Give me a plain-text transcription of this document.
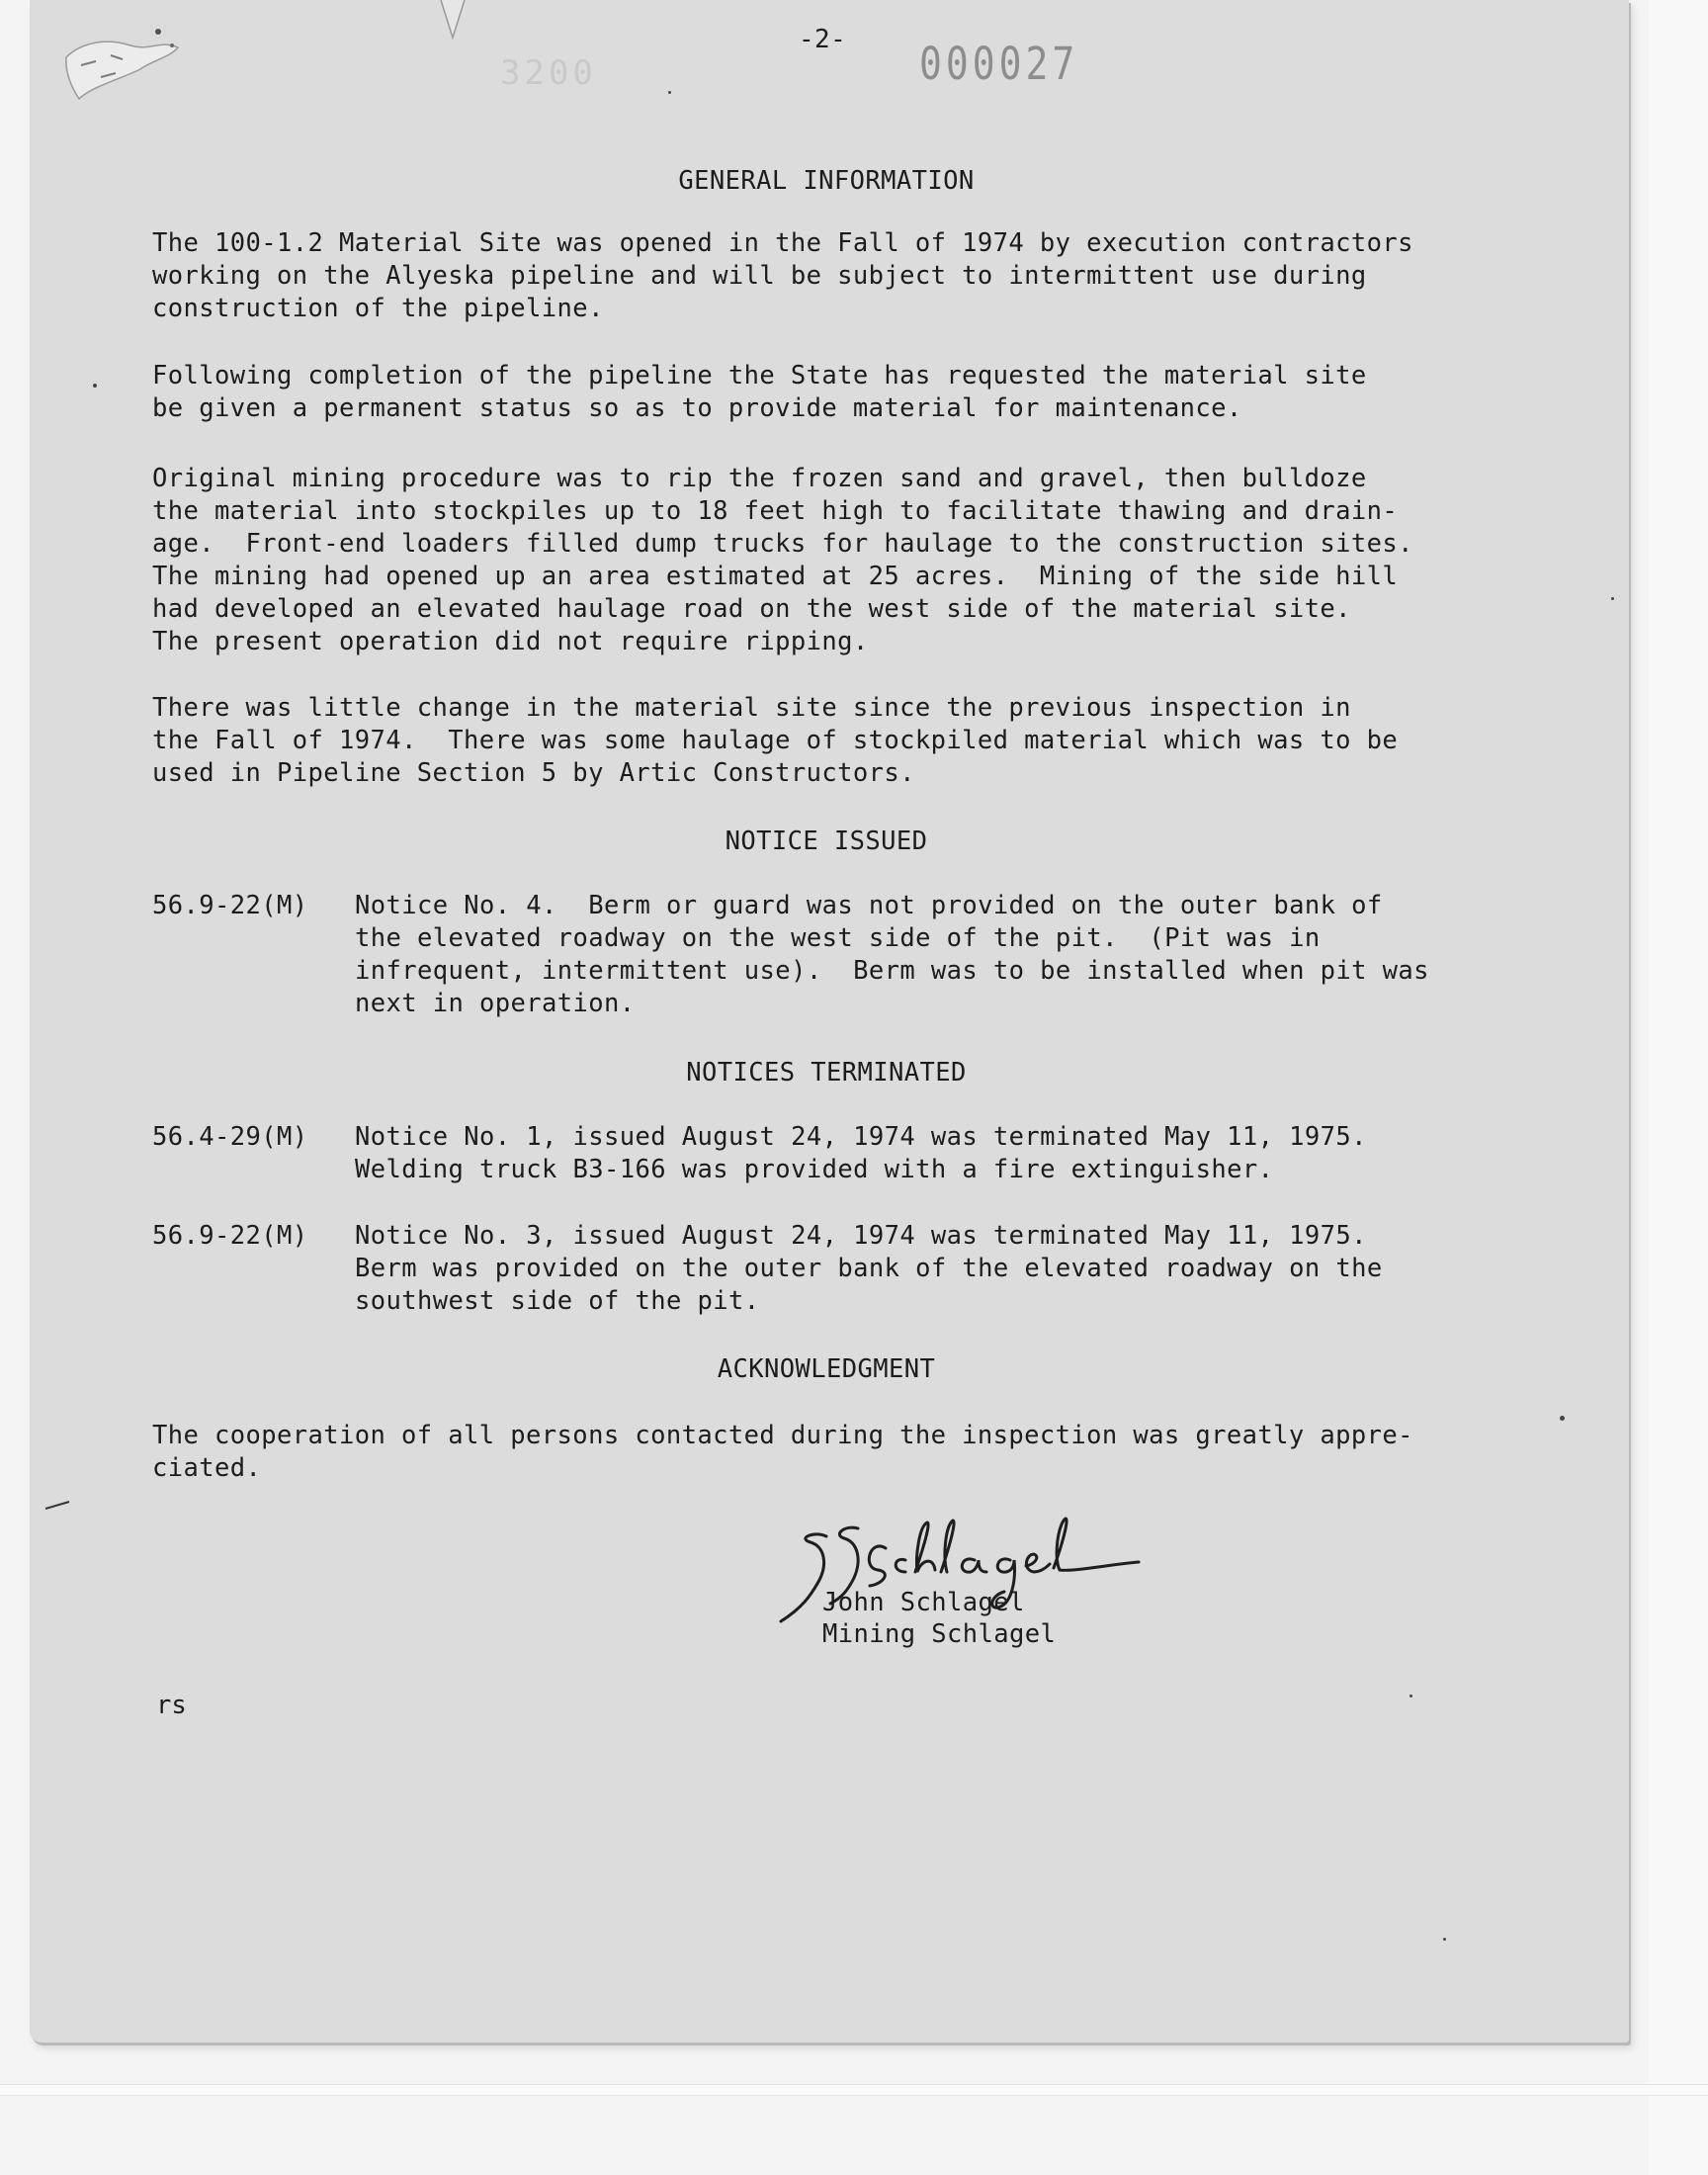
-2-
3200	000027
GENERAL INFORMATION
The 100-1.2 Material Site was opened in the Fall of 1974 by execution contractors
working on the Alyeska pipeline and will be subject to intermittent use during
construction of the pipeline.
Following completion of the pipeline the State has requested the material site
be given a permanent status so as to provide material for maintenance.
Original mining procedure was to rip the frozen sand and gravel, then bulldoze
the material into stockpiles up to 18 feet high to facilitate thawing and drain-
age.  Front-end loaders filled dump trucks for haulage to the construction sites.
The mining had opened up an area estimated at 25 acres.  Mining of the side hill
had developed an elevated haulage road on the west side of the material site.
The present operation did not require ripping.
There was little change in the material site since the previous inspection in
the Fall of 1974.  There was some haulage of stockpiled material which was to be
used in Pipeline Section 5 by Artic Constructors.
NOTICE ISSUED
56.9-22(M) Notice No. 4.  Berm or guard was not provided on the outer bank of
the elevated roadway on the west side of the pit.  (Pit was in
infrequent, intermittent use).  Berm was to be installed when pit was
next in operation.
NOTICES TERMINATED
56.4-29(M) Notice No. 1, issued August 24, 1974 was terminated May 11, 1975.
Welding truck B3-166 was provided with a fire extinguisher.
56.9-22(M) Notice No. 3, issued August 24, 1974 was terminated May 11, 1975.
Berm was provided on the outer bank of the elevated roadway on the
southwest side of the pit.
ACKNOWLEDGMENT
The cooperation of all persons contacted during the inspection was greatly appre-
ciated.
John Schlagel
Mining Schlagel
rs
